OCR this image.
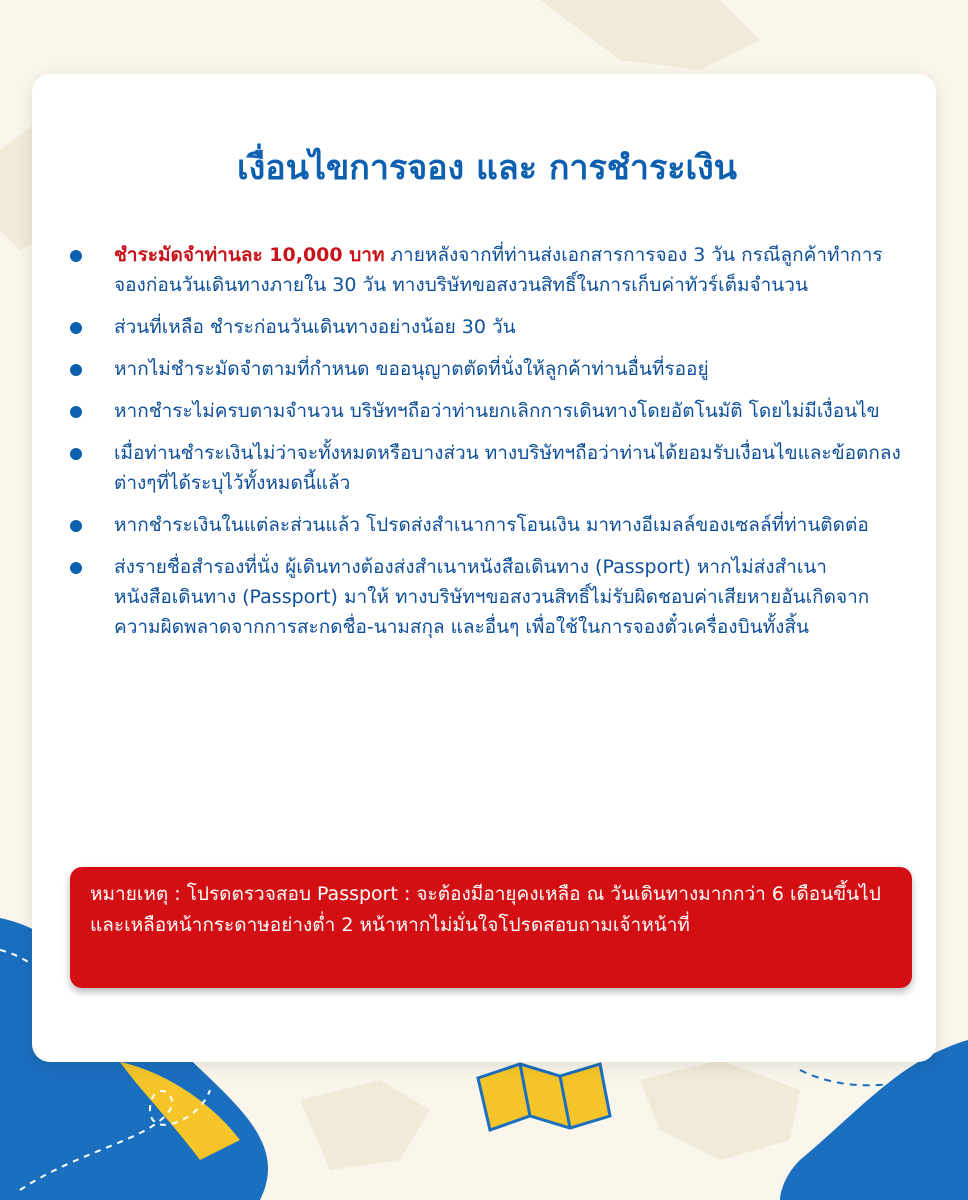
เงื่อนไขการจอง และ การชำระเงิน
ชำระมัดจำท่านละ 10,000 บาท ภายหลังจากที่ท่านส่งเอกสารการจอง 3 วัน กรณีลูกค้าทำการจองก่อนวันเดินทางภายใน 30 วัน ทางบริษัทขอสงวนสิทธิ์ในการเก็บค่าทัวร์เต็มจำนวน
ส่วนที่เหลือ ชำระก่อนวันเดินทางอย่างน้อย 30 วัน
หากไม่ชำระมัดจำตามที่กำหนด ขออนุญาตตัดที่นั่งให้ลูกค้าท่านอื่นที่รออยู่
หากชำระไม่ครบตามจำนวน บริษัทฯถือว่าท่านยกเลิกการเดินทางโดยอัตโนมัติ โดยไม่มีเงื่อนไข
เมื่อท่านชำระเงินไม่ว่าจะทั้งหมดหรือบางส่วน ทางบริษัทฯถือว่าท่านได้ยอมรับเงื่อนไขและข้อตกลงต่างๆที่ได้ระบุไว้ทั้งหมดนี้แล้ว
หากชำระเงินในแต่ละส่วนแล้ว โปรดส่งสำเนาการโอนเงิน มาทางอีเมลล์ของเซลล์ที่ท่านติดต่อ
ส่งรายชื่อสำรองที่นั่ง ผู้เดินทางต้องส่งสำเนาหนังสือเดินทาง (Passport) หากไม่ส่งสำเนาหนังสือเดินทาง (Passport) มาให้ ทางบริษัทฯขอสงวนสิทธิ์ไม่รับผิดชอบค่าเสียหายอันเกิดจากความผิดพลาดจากการสะกดชื่อ-นามสกุล และอื่นๆ เพื่อใช้ในการจองตั๋วเครื่องบินทั้งสิ้น
หมายเหตุ : โปรดตรวจสอบ Passport : จะต้องมีอายุคงเหลือ ณ วันเดินทางมากกว่า 6 เดือนขึ้นไป และเหลือหน้ากระดาษอย่างต่ำ 2 หน้าหากไม่มั่นใจโปรดสอบถามเจ้าหน้าที่
